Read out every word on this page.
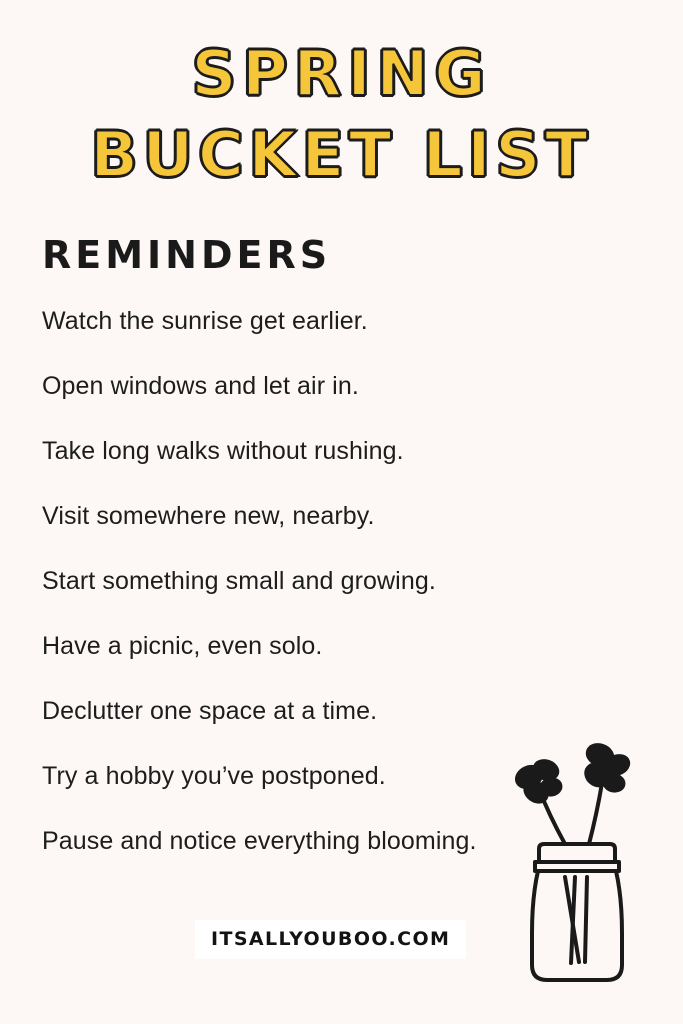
SPRING
BUCKET LIST
REMINDERS
Watch the sunrise get earlier.
Open windows and let air in.
Take long walks without rushing.
Visit somewhere new, nearby.
Start something small and growing.
Have a picnic, even solo.
Declutter one space at a time.
Try a hobby you’ve postponed.
Pause and notice everything blooming.
ITSALLYOUBOO.COM
